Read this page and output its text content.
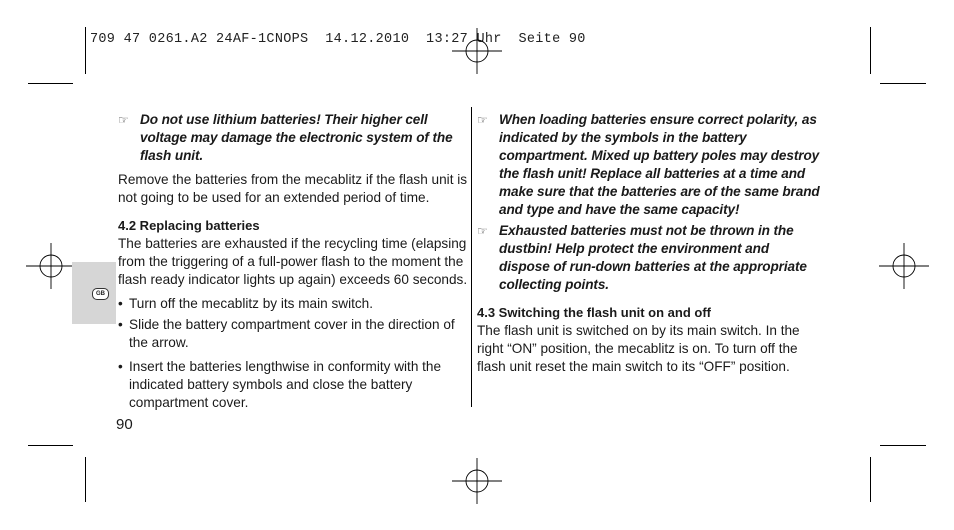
709 47 0261.A2 24AF-1CNOPS  14.12.2010  13:27 Uhr  Seite 90
GB
☞ Do not use lithium batteries! Their higher cell voltage may damage the electronic system of the flash unit.

Remove the batteries from the mecablitz if the flash unit is not going to be used for an extended period of time.

4.2 Replacing batteries

The batteries are exhausted if the recycling time (elapsing from the triggering of a full-power flash to the moment the flash ready indicator lights up again) exceeds 60 seconds.

• Turn off the mecablitz by its main switch.
• Slide the battery compartment cover in the direction of the arrow.
• Insert the batteries lengthwise in conformity with the indicated battery symbols and close the battery compartment cover.
☞ When loading batteries ensure correct polarity, as indicated by the symbols in the battery compartment. Mixed up battery poles may destroy the flash unit! Replace all batteries at a time and make sure that the batteries are of the same brand and type and have the same capacity!
☞ Exhausted batteries must not be thrown in the dustbin! Help protect the environment and dispose of run-down batteries at the appropriate collecting points.

4.3 Switching the flash unit on and off

The flash unit is switched on by its main switch. In the right “ON” position, the mecablitz is on. To turn off the flash unit reset the main switch to its “OFF” position.

90
